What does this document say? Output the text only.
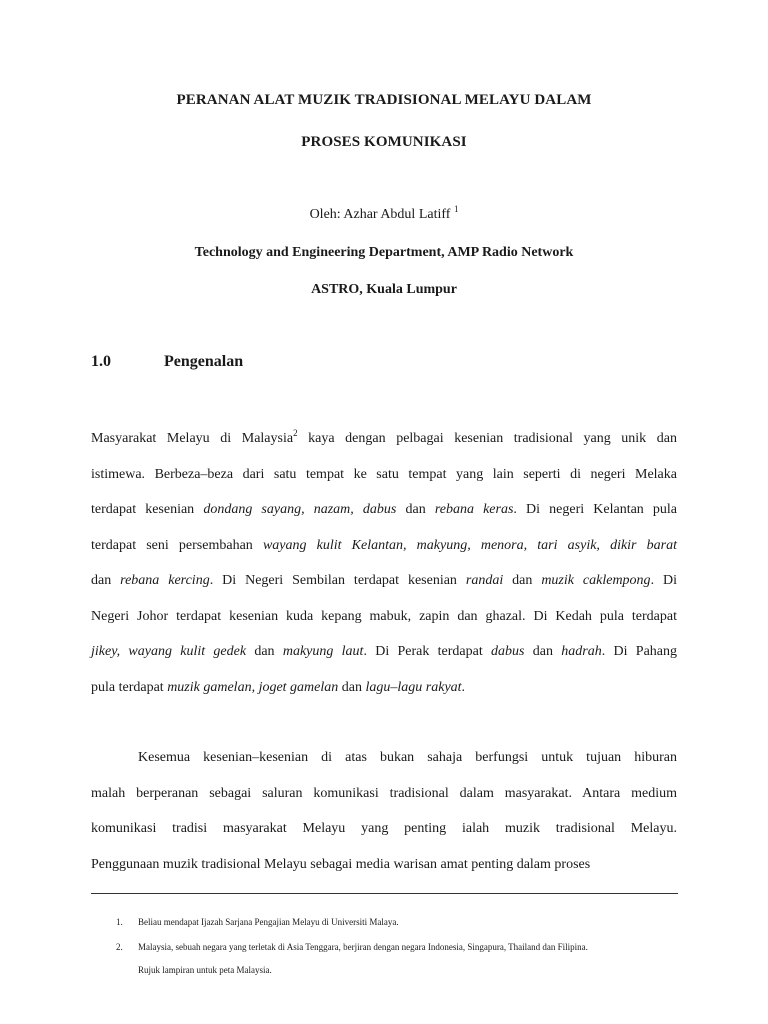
PERANAN ALAT MUZIK TRADISIONAL MELAYU DALAM
PROSES KOMUNIKASI
Oleh: Azhar Abdul Latiff $^1$
Technology and Engineering Department, AMP Radio Network
ASTRO, Kuala Lumpur
1.0	Pengenalan
Masyarakat Melayu di Malaysia$^2$ kaya dengan pelbagai kesenian tradisional yang unik dan
istimewa. Berbeza–beza dari satu tempat ke satu tempat yang lain seperti di negeri Melaka
terdapat kesenian dondang sayang, nazam, dabus dan rebana keras. Di negeri Kelantan pula
terdapat seni persembahan wayang kulit Kelantan, makyung, menora, tari asyik, dikir barat
dan rebana kercing. Di Negeri Sembilan terdapat kesenian randai dan muzik caklempong. Di
Negeri Johor terdapat kesenian kuda kepang mabuk, zapin dan ghazal. Di Kedah pula terdapat
jikey, wayang kulit gedek dan makyung laut. Di Perak terdapat dabus dan hadrah. Di Pahang
pula terdapat muzik gamelan, joget gamelan dan lagu–lagu rakyat.
Kesemua kesenian–kesenian di atas bukan sahaja berfungsi untuk tujuan hiburan
malah berperanan sebagai saluran komunikasi tradisional dalam masyarakat. Antara medium
komunikasi tradisi masyarakat Melayu yang penting ialah muzik tradisional Melayu.
Penggunaan muzik tradisional Melayu sebagai media warisan amat penting dalam proses
1. Beliau mendapat Ijazah Sarjana Pengajian Melayu di Universiti Malaya.
2. Malaysia, sebuah negara yang terletak di Asia Tenggara, berjiran dengan negara Indonesia, Singapura, Thailand dan Filipina.
Rujuk lampiran untuk peta Malaysia.
